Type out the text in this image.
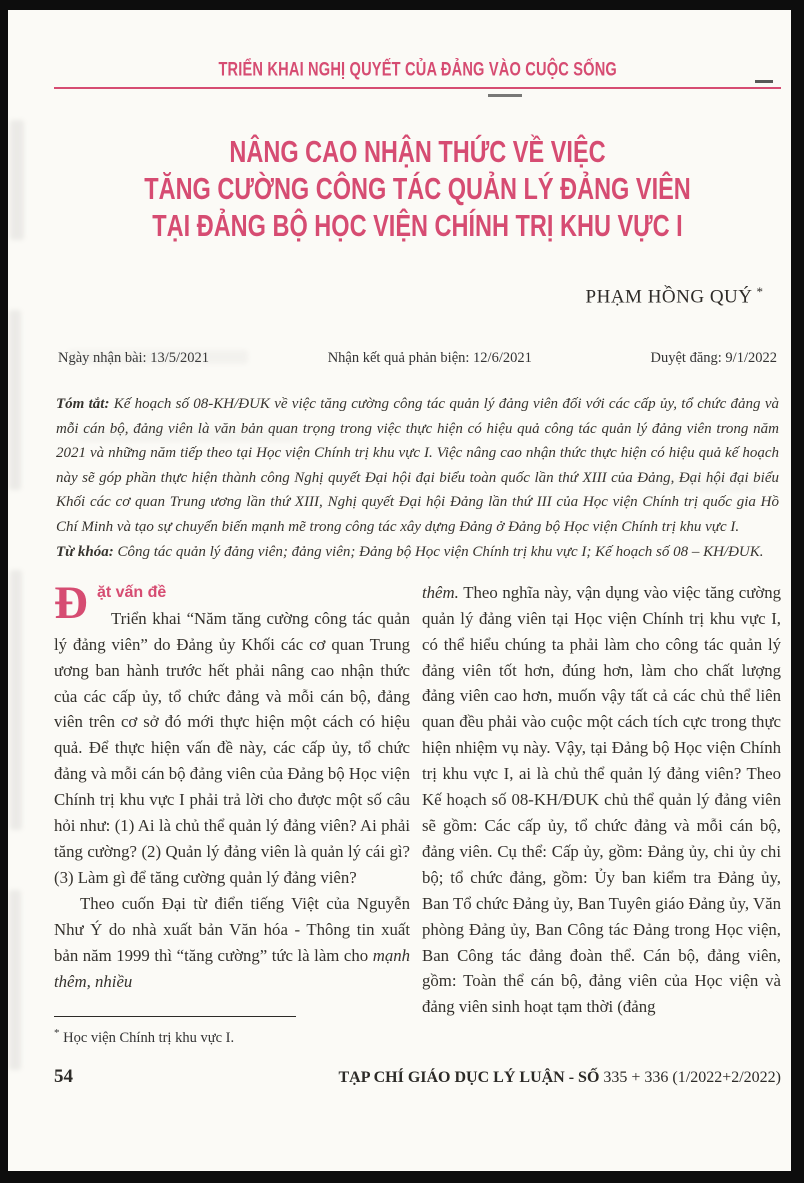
TRIỂN KHAI NGHỊ QUYẾT CỦA ĐẢNG VÀO CUỘC SỐNG
NÂNG CAO NHẬN THỨC VỀ VIỆC
TĂNG CƯỜNG CÔNG TÁC QUẢN LÝ ĐẢNG VIÊN
TẠI ĐẢNG BỘ HỌC VIỆN CHÍNH TRỊ KHU VỰC I
PHẠM HỒNG QUÝ *
Ngày nhận bài: 13/5/2021	Nhận kết quả phản biện: 12/6/2021	Duyệt đăng: 9/1/2022

Tóm tắt: Kế hoạch số 08-KH/ĐUK về việc tăng cường công tác quản lý đảng viên đối với các cấp ủy, tổ chức đảng và mỗi cán bộ, đảng viên là văn bản quan trọng trong việc thực hiện có hiệu quả công tác quản lý đảng viên trong năm 2021 và những năm tiếp theo tại Học viện Chính trị khu vực I. Việc nâng cao nhận thức thực hiện có hiệu quả kế hoạch này sẽ góp phần thực hiện thành công Nghị quyết Đại hội đại biểu toàn quốc lần thứ XIII của Đảng, Đại hội đại biểu Khối các cơ quan Trung ương lần thứ XIII, Nghị quyết Đại hội Đảng lần thứ III của Học viện Chính trị quốc gia Hồ Chí Minh và tạo sự chuyển biến mạnh mẽ trong công tác xây dựng Đảng ở Đảng bộ Học viện Chính trị khu vực I.

Từ khóa: Công tác quản lý đảng viên; đảng viên; Đảng bộ Học viện Chính trị khu vực I; Kế hoạch số 08 – KH/ĐUK.

Đ ặt vấn đề

Triển khai “Năm tăng cường công tác quản lý đảng viên” do Đảng ủy Khối các cơ quan Trung ương ban hành trước hết phải nâng cao nhận thức của các cấp ủy, tổ chức đảng và mỗi cán bộ, đảng viên trên cơ sở đó mới thực hiện một cách có hiệu quả. Để thực hiện vấn đề này, các cấp ủy, tổ chức đảng và mỗi cán bộ đảng viên của Đảng bộ Học viện Chính trị khu vực I phải trả lời cho được một số câu hỏi như: (1) Ai là chủ thể quản lý đảng viên? Ai phải tăng cường? (2) Quản lý đảng viên là quản lý cái gì? (3) Làm gì để tăng cường quản lý đảng viên?

Theo cuốn Đại từ điển tiếng Việt của Nguyễn Như Ý do nhà xuất bản Văn hóa - Thông tin xuất bản năm 1999 thì “tăng cường” tức là làm cho mạnh thêm, nhiều

* Học viện Chính trị khu vực I.

thêm. Theo nghĩa này, vận dụng vào việc tăng cường quản lý đảng viên tại Học viện Chính trị khu vực I, có thể hiểu chúng ta phải làm cho công tác quản lý đảng viên tốt hơn, đúng hơn, làm cho chất lượng đảng viên cao hơn, muốn vậy tất cả các chủ thể liên quan đều phải vào cuộc một cách tích cực trong thực hiện nhiệm vụ này. Vậy, tại Đảng bộ Học viện Chính trị khu vực I, ai là chủ thể quản lý đảng viên? Theo Kế hoạch số 08-KH/ĐUK chủ thể quản lý đảng viên sẽ gồm: Các cấp ủy, tổ chức đảng và mỗi cán bộ, đảng viên. Cụ thể: Cấp ủy, gồm: Đảng ủy, chi ủy chi bộ; tổ chức đảng, gồm: Ủy ban kiểm tra Đảng ủy, Ban Tổ chức Đảng ủy, Ban Tuyên giáo Đảng ủy, Văn phòng Đảng ủy, Ban Công tác Đảng trong Học viện, Ban Công tác đảng đoàn thể. Cán bộ, đảng viên, gồm: Toàn thể cán bộ, đảng viên của Học viện và đảng viên sinh hoạt tạm thời (đảng

54	TẠP CHÍ GIÁO DỤC LÝ LUẬN - SỐ 335 + 336 (1/2022+2/2022)
